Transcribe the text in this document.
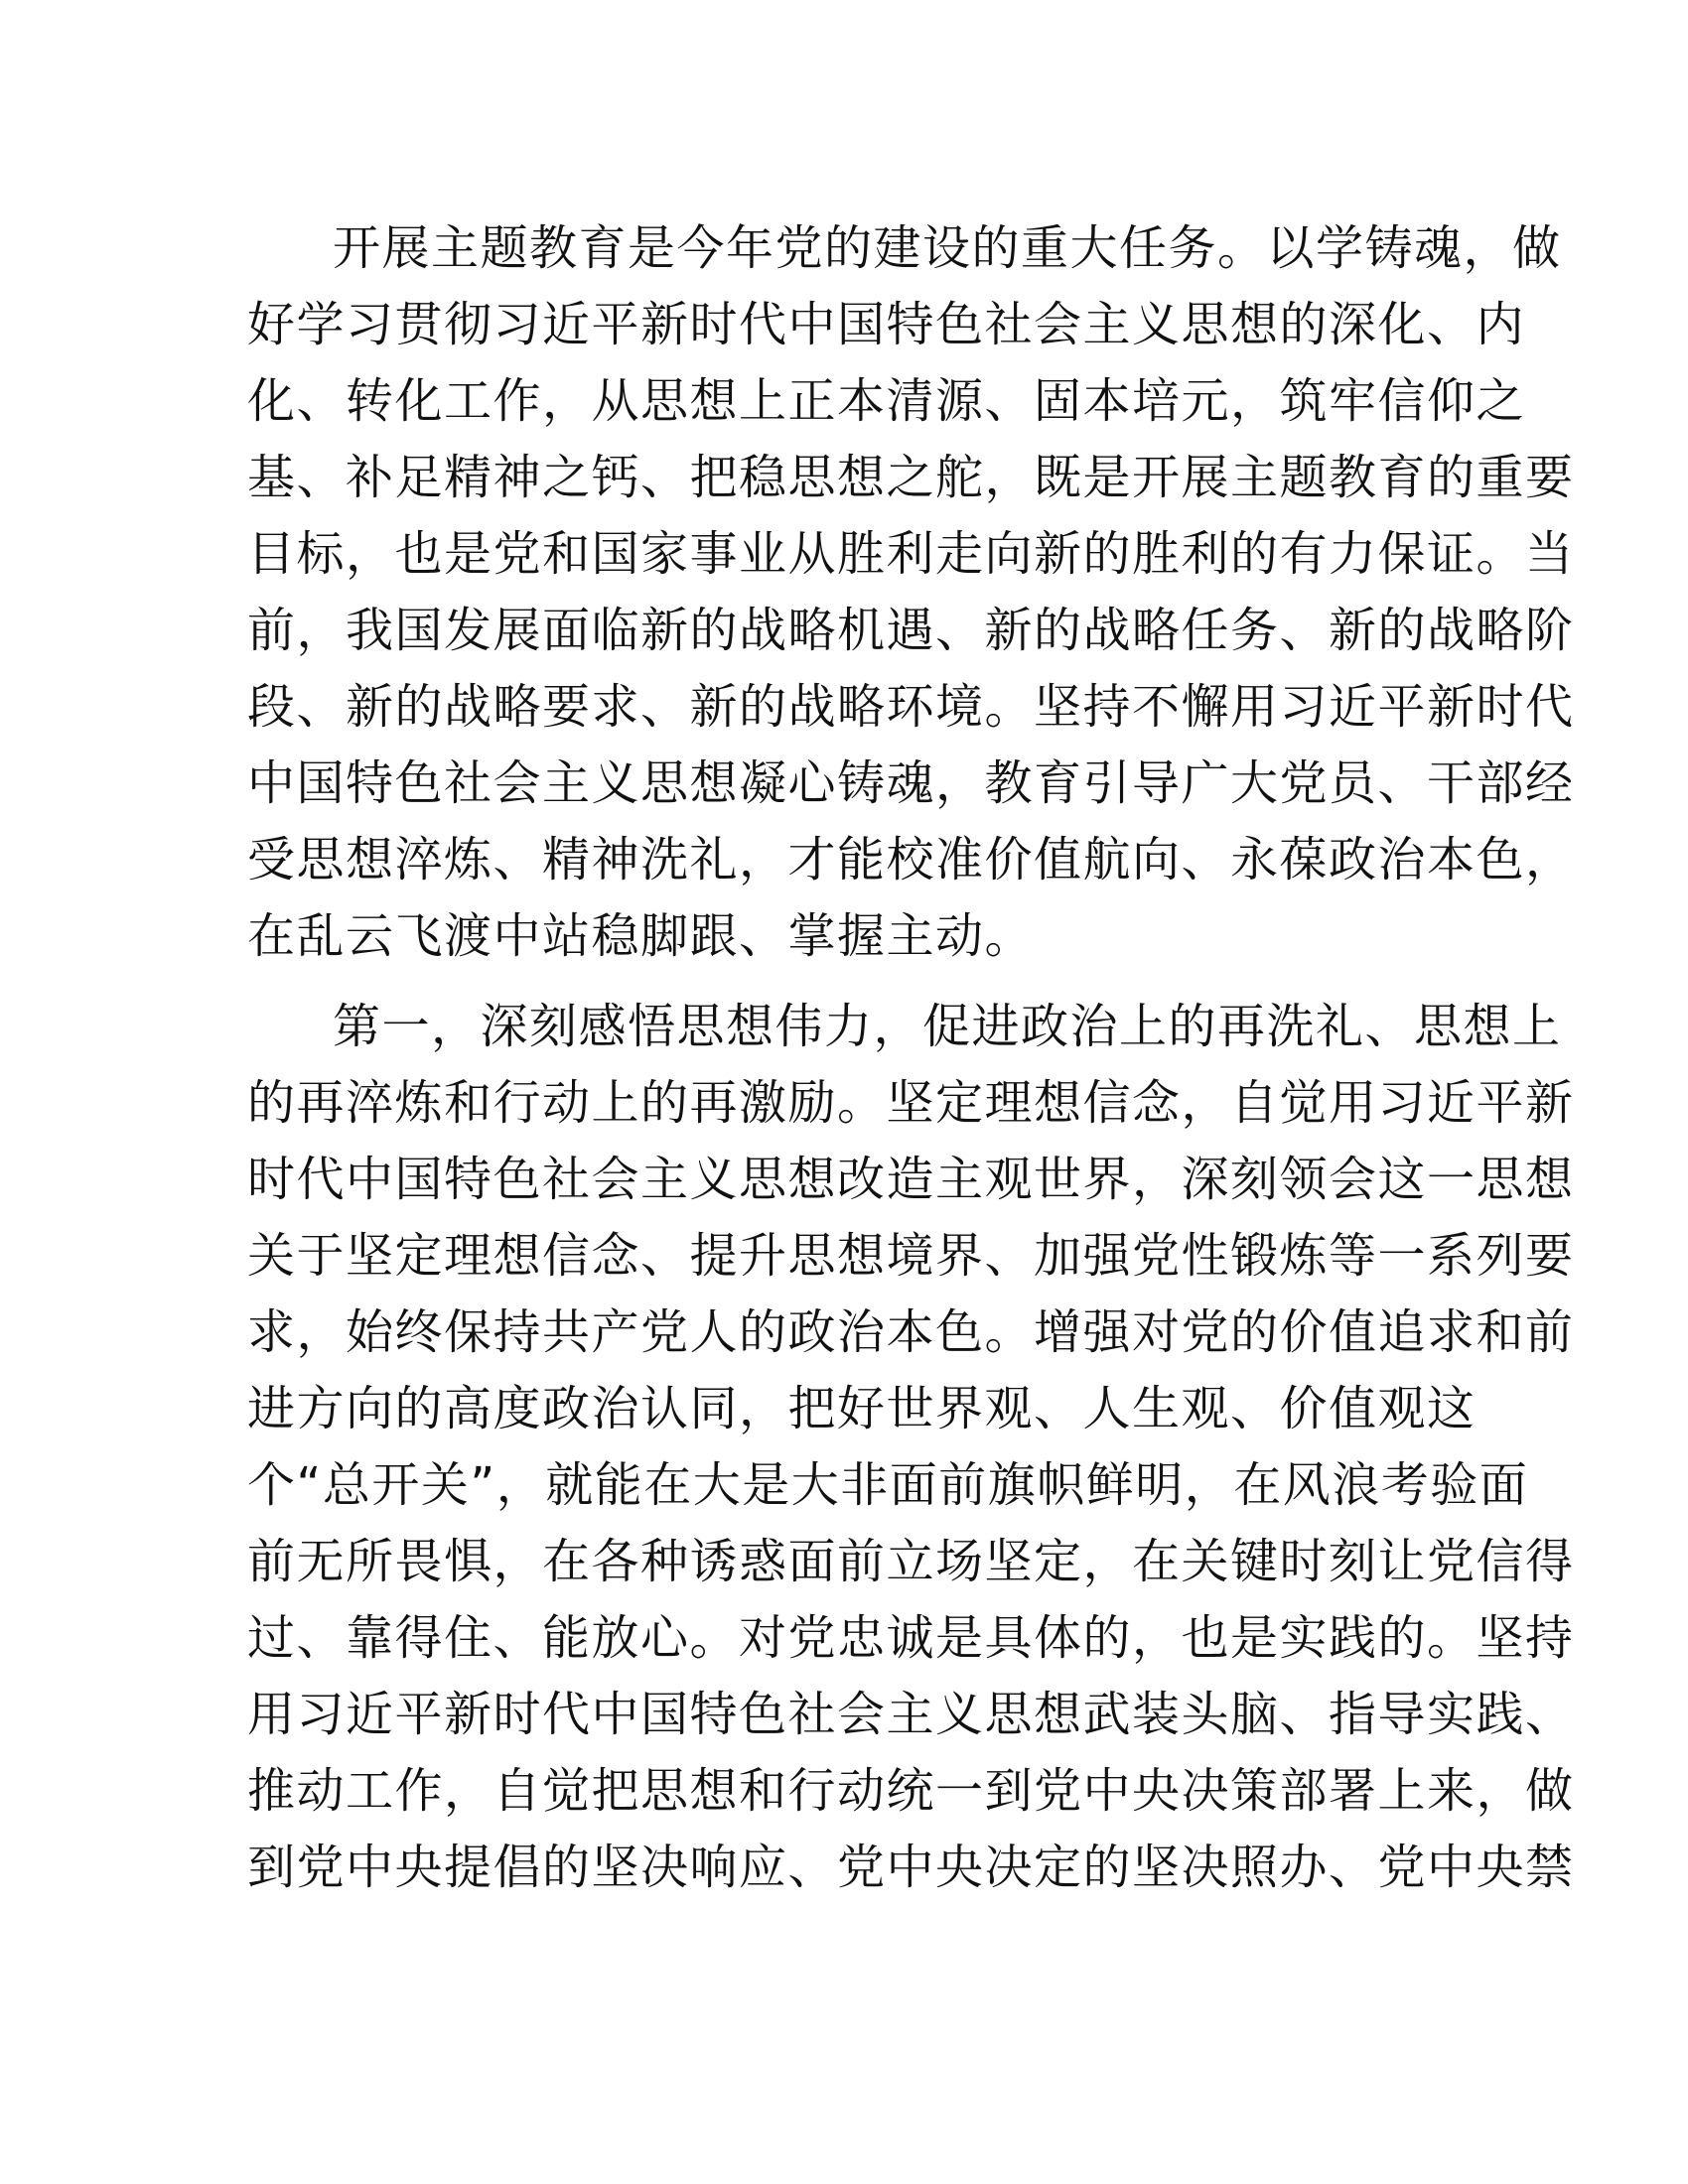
开展主题教育是今年党的建设的重大任务。以学铸魂，做
好学习贯彻习近平新时代中国特色社会主义思想的深化、内
化、转化工作，从思想上正本清源、固本培元，筑牢信仰之
基、补足精神之钙、把稳思想之舵，既是开展主题教育的重要
目标，也是党和国家事业从胜利走向新的胜利的有力保证。当
前，我国发展面临新的战略机遇、新的战略任务、新的战略阶
段、新的战略要求、新的战略环境。坚持不懈用习近平新时代
中国特色社会主义思想凝心铸魂，教育引导广大党员、干部经
受思想淬炼、精神洗礼，才能校准价值航向、永葆政治本色，
在乱云飞渡中站稳脚跟、掌握主动。

第一，深刻感悟思想伟力，促进政治上的再洗礼、思想上
的再淬炼和行动上的再激励。坚定理想信念，自觉用习近平新
时代中国特色社会主义思想改造主观世界，深刻领会这一思想
关于坚定理想信念、提升思想境界、加强党性锻炼等一系列要
求，始终保持共产党人的政治本色。增强对党的价值追求和前
进方向的高度政治认同，把好世界观、人生观、价值观这
个“总开关”，就能在大是大非面前旗帜鲜明，在风浪考验面
前无所畏惧，在各种诱惑面前立场坚定，在关键时刻让党信得
过、靠得住、能放心。对党忠诚是具体的，也是实践的。坚持
用习近平新时代中国特色社会主义思想武装头脑、指导实践、
推动工作，自觉把思想和行动统一到党中央决策部署上来，做
到党中央提倡的坚决响应、党中央决定的坚决照办、党中央禁
